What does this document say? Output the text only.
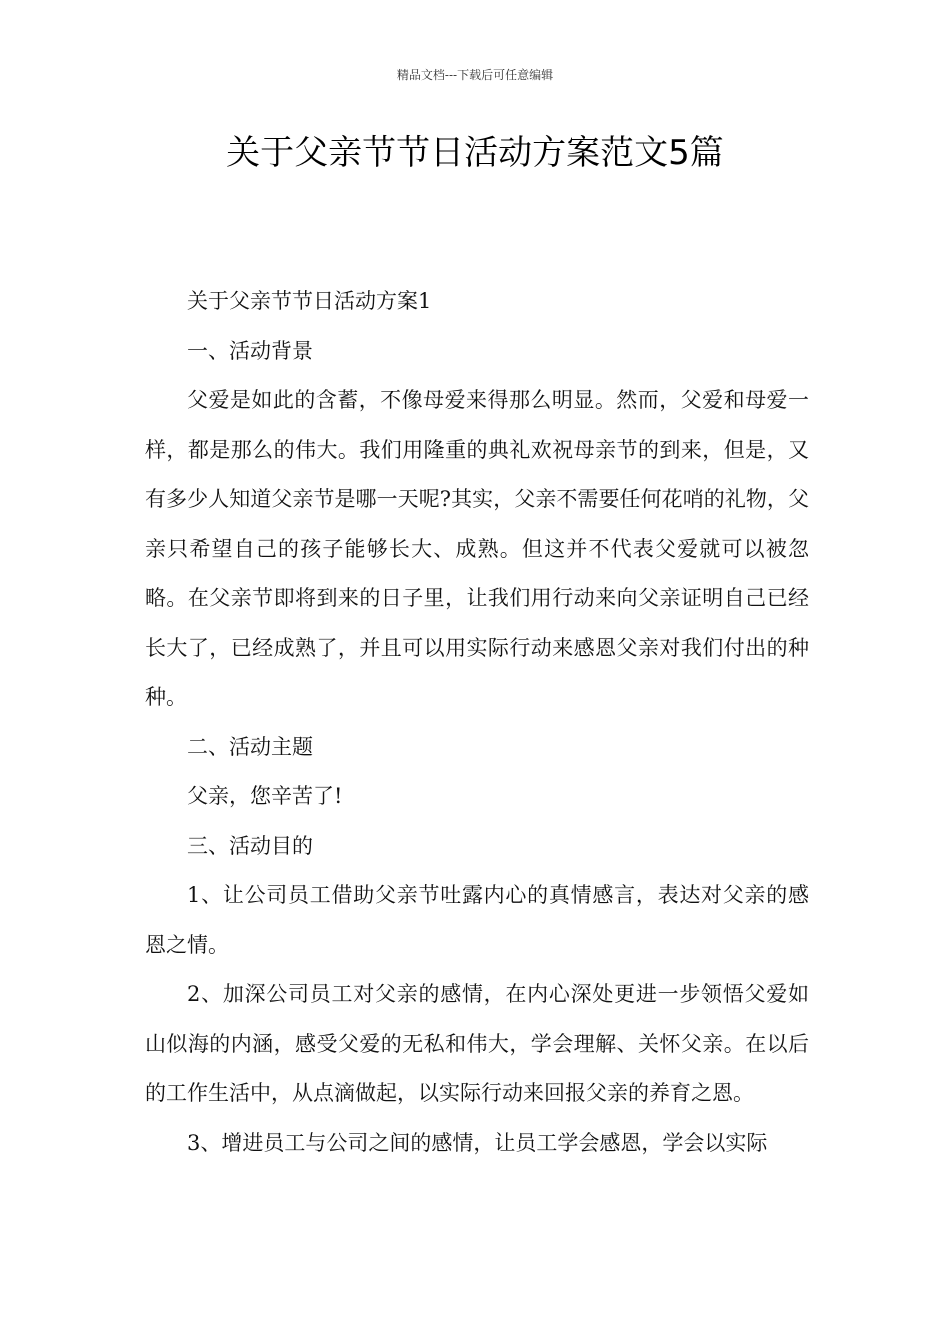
精品文档---下载后可任意编辑
关于父亲节节日活动方案范文5篇

关于父亲节节日活动方案1

一、活动背景

父爱是如此的含蓄，不像母爱来得那么明显。然而，父爱和母爱一样，都是那么的伟大。我们用隆重的典礼欢祝母亲节的到来，但是，又有多少人知道父亲节是哪一天呢?其实，父亲不需要任何花哨的礼物，父亲只希望自己的孩子能够长大、成熟。但这并不代表父爱就可以被忽略。在父亲节即将到来的日子里，让我们用行动来向父亲证明自己已经长大了，已经成熟了，并且可以用实际行动来感恩父亲对我们付出的种种。

二、活动主题

父亲，您辛苦了!

三、活动目的

1、让公司员工借助父亲节吐露内心的真情感言，表达对父亲的感恩之情。

2、加深公司员工对父亲的感情，在内心深处更进一步领悟父爱如山似海的内涵，感受父爱的无私和伟大，学会理解、关怀父亲。在以后的工作生活中，从点滴做起，以实际行动来回报父亲的养育之恩。

3、增进员工与公司之间的感情，让员工学会感恩，学会以实际
